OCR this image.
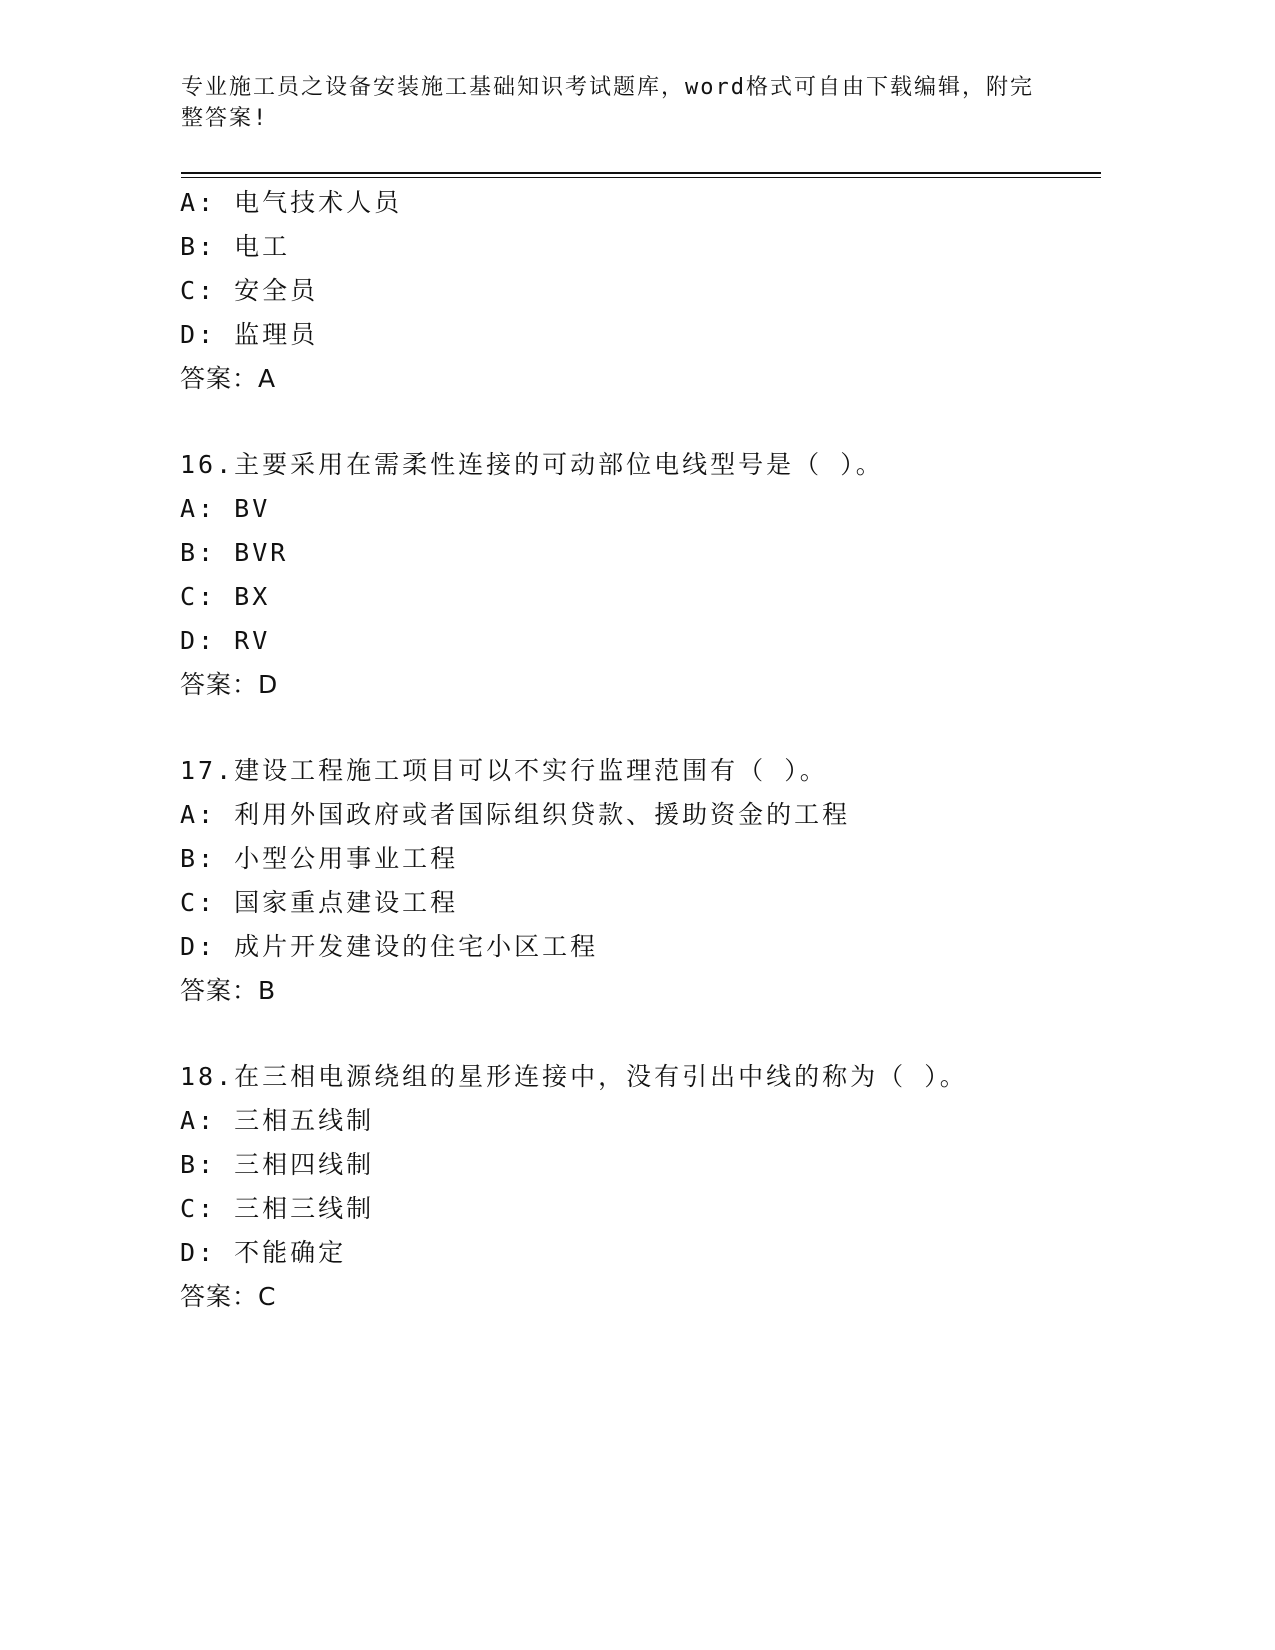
专业施工员之设备安装施工基础知识考试题库，word格式可自由下载编辑，附完整答案!
A: 电气技术人员
B: 电工
C: 安全员
D: 监理员
答案：A
16.主要采用在需柔性连接的可动部位电线型号是（ ）。
A: BV
B: BVR
C: BX
D: RV
答案：D
17.建设工程施工项目可以不实行监理范围有（ ）。
A: 利用外国政府或者国际组织贷款、援助资金的工程
B: 小型公用事业工程
C: 国家重点建设工程
D: 成片开发建设的住宅小区工程
答案：B
18.在三相电源绕组的星形连接中，没有引出中线的称为（ ）。
A: 三相五线制
B: 三相四线制
C: 三相三线制
D: 不能确定
答案：C
